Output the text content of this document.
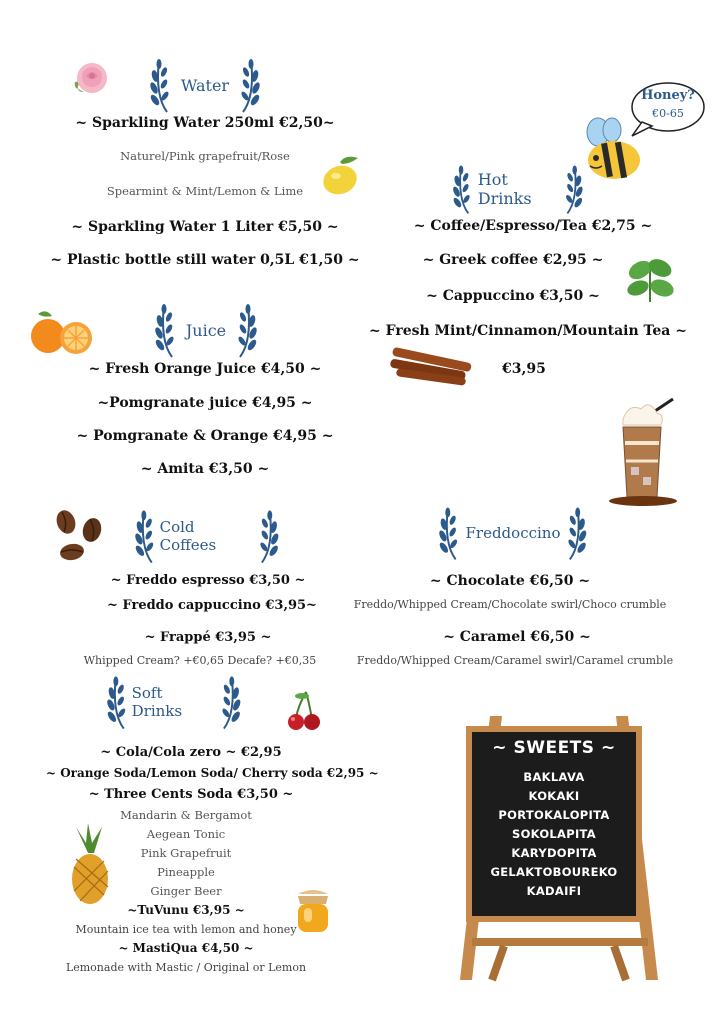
Water
~ Sparkling Water 250ml €2,50~
Naturel/Pink grapefruit/Rose
Spearmint & Mint/Lemon & Lime
~ Sparkling Water 1 Liter €5,50 ~
~ Plastic bottle still water 0,5L €1,50 ~
Juice
~ Fresh Orange Juice €4,50 ~
~Pomgranate juice €4,95 ~
~ Pomgranate & Orange €4,95 ~
~ Amita €3,50 ~
Hot Drinks
~ Coffee/Espresso/Tea €2,75 ~
~ Greek coffee €2,95 ~
~ Cappuccino €3,50 ~
~ Fresh Mint/Cinnamon/Mountain Tea ~
€3,95
Honey?
€0-65
Cold Coffees
~ Freddo espresso €3,50 ~
~ Freddo cappuccino €3,95~
~ Frappé €3,95 ~
Whipped Cream? +€0,65 Decafe? +€0,35
Freddoccino
~ Chocolate €6,50 ~
Freddo/Whipped Cream/Chocolate swirl/Choco crumble
~ Caramel €6,50 ~
Freddo/Whipped Cream/Caramel swirl/Caramel crumble
Soft Drinks
~ Cola/Cola zero ~ €2,95
~ Orange Soda/Lemon Soda/ Cherry soda €2,95 ~
~ Three Cents Soda €3,50 ~
Mandarin & Bergamot
Aegean Tonic
Pink Grapefruit
Pineapple
Ginger Beer
~TuVunu €3,95 ~
Mountain ice tea with lemon and honey
~ MastiQua €4,50 ~
Lemonade with Mastic / Original or Lemon
~ SWEETS ~
BAKLAVA
KOKAKI
PORTOKALOPITA
SOKOLAPITA
KARYDOPITA
GELAKTOBOUREKO
KADAIFI
